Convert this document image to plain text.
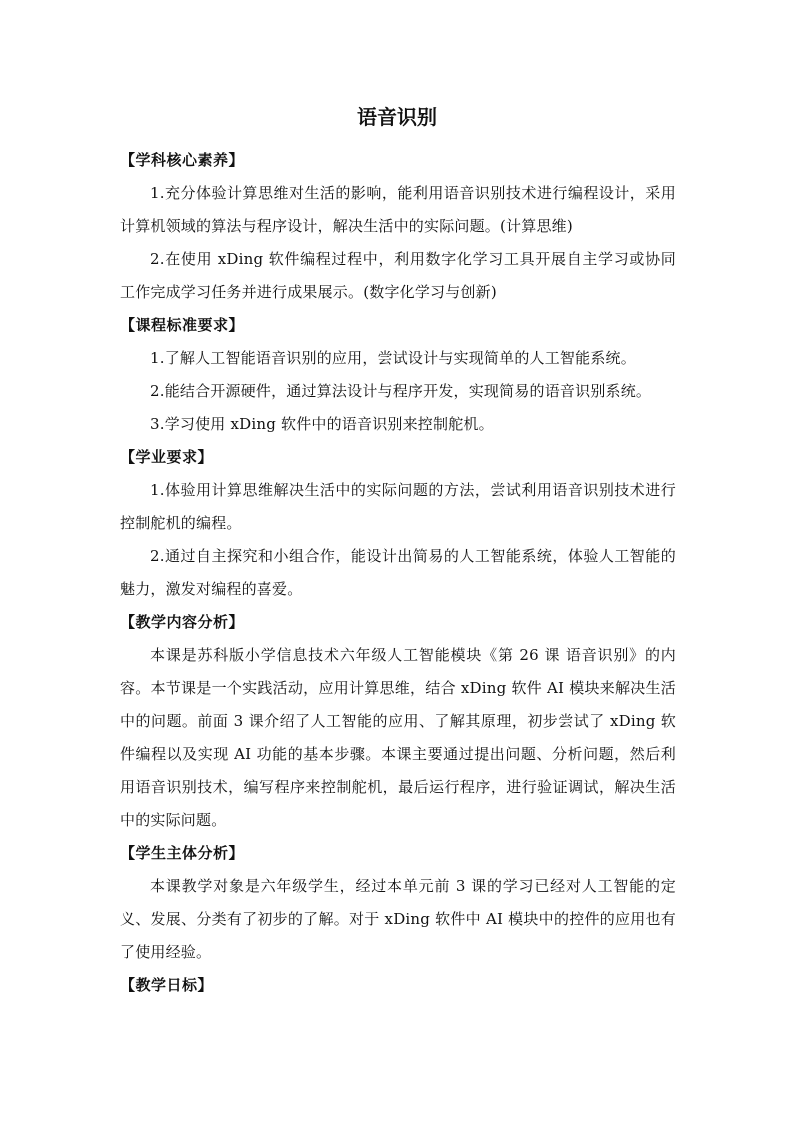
语音识别

【学科核心素养】

1.充分体验计算思维对生活的影响，能利用语音识别技术进行编程设计，采用计算机领域的算法与程序设计，解决生活中的实际问题。(计算思维)

2.在使用 xDing 软件编程过程中，利用数字化学习工具开展自主学习或协同工作完成学习任务并进行成果展示。(数字化学习与创新)

【课程标准要求】

1.了解人工智能语音识别的应用，尝试设计与实现简单的人工智能系统。

2.能结合开源硬件，通过算法设计与程序开发，实现简易的语音识别系统。

3.学习使用 xDing 软件中的语音识别来控制舵机。

【学业要求】

1.体验用计算思维解决生活中的实际问题的方法，尝试利用语音识别技术进行控制舵机的编程。

2.通过自主探究和小组合作，能设计出简易的人工智能系统，体验人工智能的魅力，激发对编程的喜爱。

【教学内容分析】

本课是苏科版小学信息技术六年级人工智能模块《第 26 课 语音识别》的内容。本节课是一个实践活动，应用计算思维，结合 xDing 软件 AI 模块来解决生活中的问题。前面 3 课介绍了人工智能的应用、了解其原理，初步尝试了 xDing 软件编程以及实现 AI 功能的基本步骤。本课主要通过提出问题、分析问题，然后利用语音识别技术，编写程序来控制舵机，最后运行程序，进行验证调试，解决生活中的实际问题。

【学生主体分析】

本课教学对象是六年级学生，经过本单元前 3 课的学习已经对人工智能的定义、发展、分类有了初步的了解。对于 xDing 软件中 AI 模块中的控件的应用也有了使用经验。

【教学日标】
